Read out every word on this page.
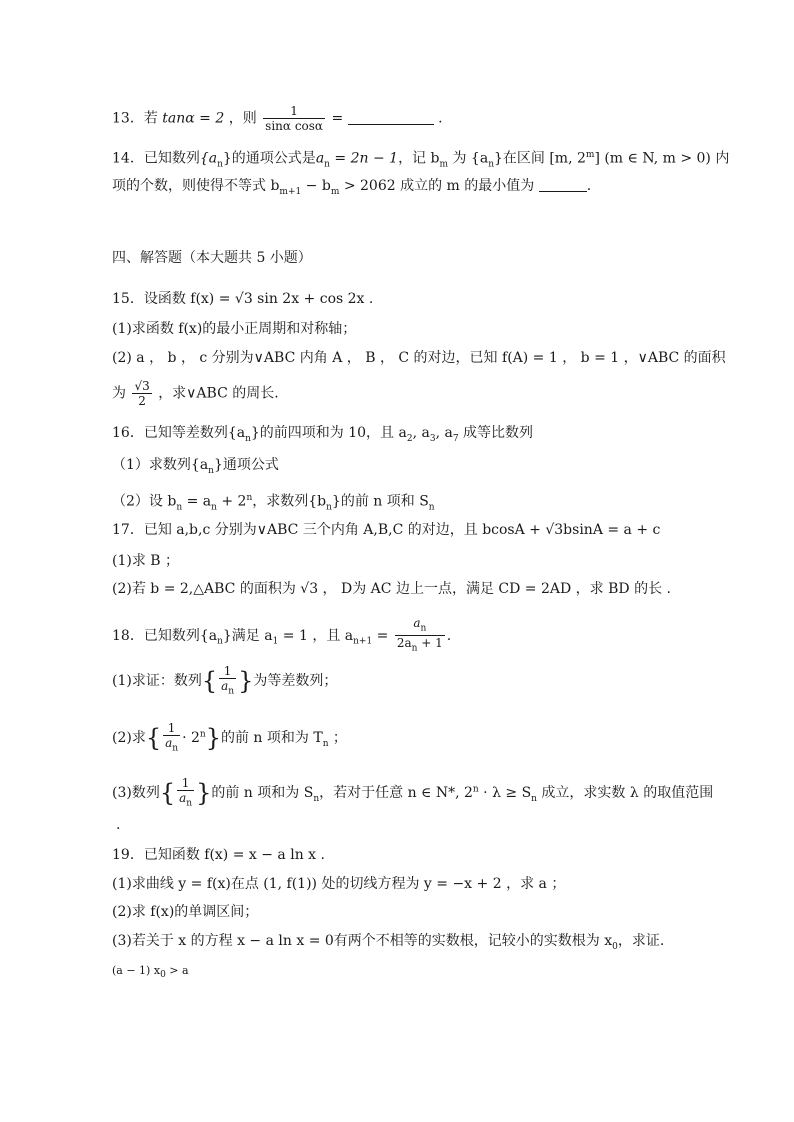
13．若 tanα = 2 ，则 $\frac{1}{\text{sinα cosα}}$ =	.
14．已知数列$\{a_n\}$的通项公式是$a_n = 2n - 1$，记 $b_m$ 为 $\{a_n\}$在区间 [m, 2$^m$] (m ∈ N, m > 0) 内
项的个数，则使得不等式 $b_{m+1} - b_m > 2062$ 成立的 m 的最小值为	.
四、解答题（本大题共 5 小题）
15．设函数 f(x) = √3 sin 2x + cos 2x .
(1)求函数 f(x)的最小正周期和对称轴；
(2) a ， b ， c 分别为∨ABC 内角 A ， B ， C 的对边，已知 f(A) = 1 ， b = 1 ，∨ABC 的面积
为 $\frac{√3}{2}$ ，求∨ABC 的周长.
16．已知等差数列$\{a_n\}$的前四项和为 10，且 $a_2$, $a_3$, $a_7$ 成等比数列
（1）求数列$\{a_n\}$通项公式
（2）设 $b_n = a_n + 2^n$，求数列$\{b_n\}$的前 n 项和 $S_n$
17．已知 a,b,c 分别为∨ABC 三个内角 A,B,C 的对边，且 bcosA + √3bsinA = a + c
(1)求 B ；
(2)若 b = 2,△ABC 的面积为 √3 ， D为 AC 边上一点，满足 CD = 2AD ，求 BD 的长 .
18．已知数列$\{a_n\}$满足 $a_1 = 1$ ，且 $a_{n+1} = \frac{a_n}{2a_n + 1}$ .
(1)求证：数列{ $\frac{1}{a_n}$ }为等差数列；
(2)求{ $\frac{1}{a_n} \cdot 2^n$}的前 n 项和为 $T_n$ ；
(3)数列{ $\frac{1}{a_n}$ }的前 n 项和为 $S_n$，若对于任意 n ∈ N*, $2^n \cdot \lambda \ge S_n$ 成立，求实数 λ 的取值范围
.
19．已知函数 f(x) = x − a ln x .
(1)求曲线 y = f(x)在点 (1, f(1)) 处的切线方程为 y = −x + 2 ，求 a ；
(2)求 f(x)的单调区间；
(3)若关于 x 的方程 x − a ln x = 0有两个不相等的实数根，记较小的实数根为 $x_0$，求证.
(a − 1) $x_0 > a$
